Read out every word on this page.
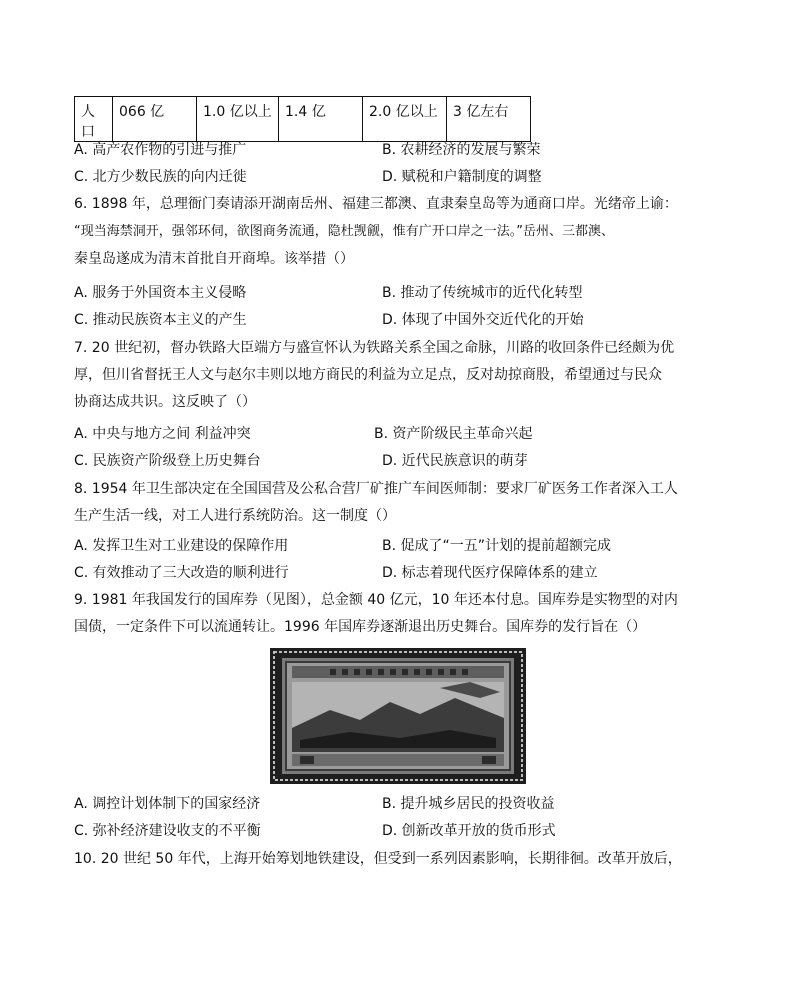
人口	066 亿	1.0 亿以上	1.4 亿	2.0 亿以上	3 亿左右
A. 高产农作物的引进与推广	B. 农耕经济的发展与繁荣
C. 北方少数民族的向内迁徙	D. 赋税和户籍制度的调整
6. 1898 年，总理衙门奏请添开湖南岳州、福建三都澳、直隶秦皇岛等为通商口岸。光绪帝上谕：
“现当海禁洞开，强邻环伺，欲图商务流通，隐杜觊觎，惟有广开口岸之一法。”岳州、三都澳、
秦皇岛遂成为清末首批自开商埠。该举措（）
A. 服务于外国资本主义侵略	B. 推动了传统城市的近代化转型
C. 推动民族资本主义的产生	D. 体现了中国外交近代化的开始
7. 20 世纪初，督办铁路大臣端方与盛宣怀认为铁路关系全国之命脉，川路的收回条件已经颇为优
厚，但川省督抚王人文与赵尔丰则以地方商民的利益为立足点，反对劫掠商股，希望通过与民众
协商达成共识。这反映了（）
A. 中央与地方之间 利益冲突	B. 资产阶级民主革命兴起
C. 民族资产阶级登上历史舞台	D. 近代民族意识的萌芽
8. 1954 年卫生部决定在全国国营及公私合营厂矿推广车间医师制：要求厂矿医务工作者深入工人
生产生活一线，对工人进行系统防治。这一制度（）
A. 发挥卫生对工业建设的保障作用	B. 促成了“一五”计划的提前超额完成
C. 有效推动了三大改造的顺利进行	D. 标志着现代医疗保障体系的建立
9. 1981 年我国发行的国库券（见图），总金额 40 亿元，10 年还本付息。国库券是实物型的对内
国债，一定条件下可以流通转让。1996 年国库券逐渐退出历史舞台。国库券的发行旨在（）
A. 调控计划体制下的国家经济	B. 提升城乡居民的投资收益
C. 弥补经济建设收支的不平衡	D. 创新改革开放的货币形式
10. 20 世纪 50 年代，上海开始筹划地铁建设，但受到一系列因素影响，长期徘徊。改革开放后，
